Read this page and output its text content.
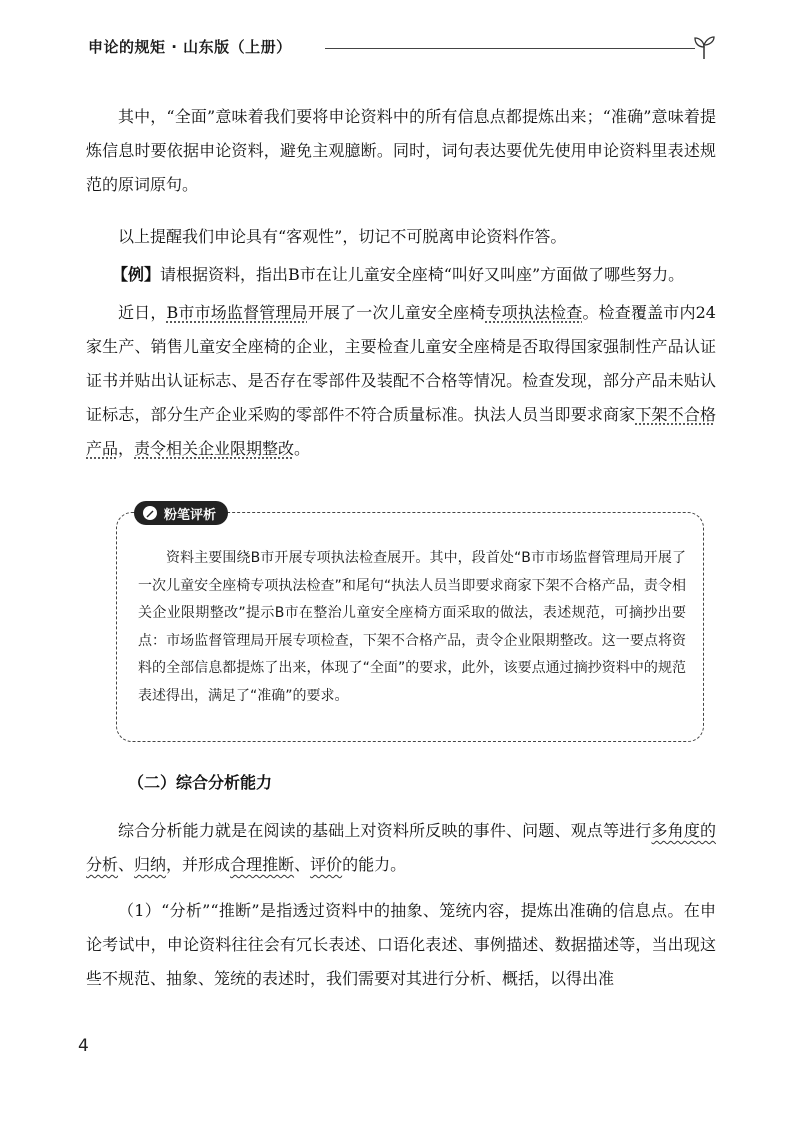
申论的规矩 · 山东版（上册）
其中，“全面”意味着我们要将申论资料中的所有信息点都提炼出来；“准确”意味着提炼信息时要依据申论资料，避免主观臆断。同时，词句表达要优先使用申论资料里表述规范的原词原句。
以上提醒我们申论具有“客观性”，切记不可脱离申论资料作答。
【例】请根据资料，指出B市在让儿童安全座椅“叫好又叫座”方面做了哪些努力。
近日，B市市场监督管理局开展了一次儿童安全座椅专项执法检查。检查覆盖市内24家生产、销售儿童安全座椅的企业，主要检查儿童安全座椅是否取得国家强制性产品认证证书并贴出认证标志、是否存在零部件及装配不合格等情况。检查发现，部分产品未贴认证标志，部分生产企业采购的零部件不符合质量标准。执法人员当即要求商家下架不合格产品，责令相关企业限期整改。
粉笔评析
资料主要围绕B市开展专项执法检查展开。其中，段首处“B市市场监督管理局开展了一次儿童安全座椅专项执法检查”和尾句“执法人员当即要求商家下架不合格产品，责令相关企业限期整改”提示B市在整治儿童安全座椅方面采取的做法，表述规范，可摘抄出要点：市场监督管理局开展专项检查，下架不合格产品，责令企业限期整改。这一要点将资料的全部信息都提炼了出来，体现了“全面”的要求，此外，该要点通过摘抄资料中的规范表述得出，满足了“准确”的要求。
（二）综合分析能力
综合分析能力就是在阅读的基础上对资料所反映的事件、问题、观点等进行多角度的分析、归纳，并形成合理推断、评价的能力。
（1）“分析”“推断”是指透过资料中的抽象、笼统内容，提炼出准确的信息点。在申论考试中，申论资料往往会有冗长表述、口语化表述、事例描述、数据描述等，当出现这些不规范、抽象、笼统的表述时，我们需要对其进行分析、概括，以得出准
4
